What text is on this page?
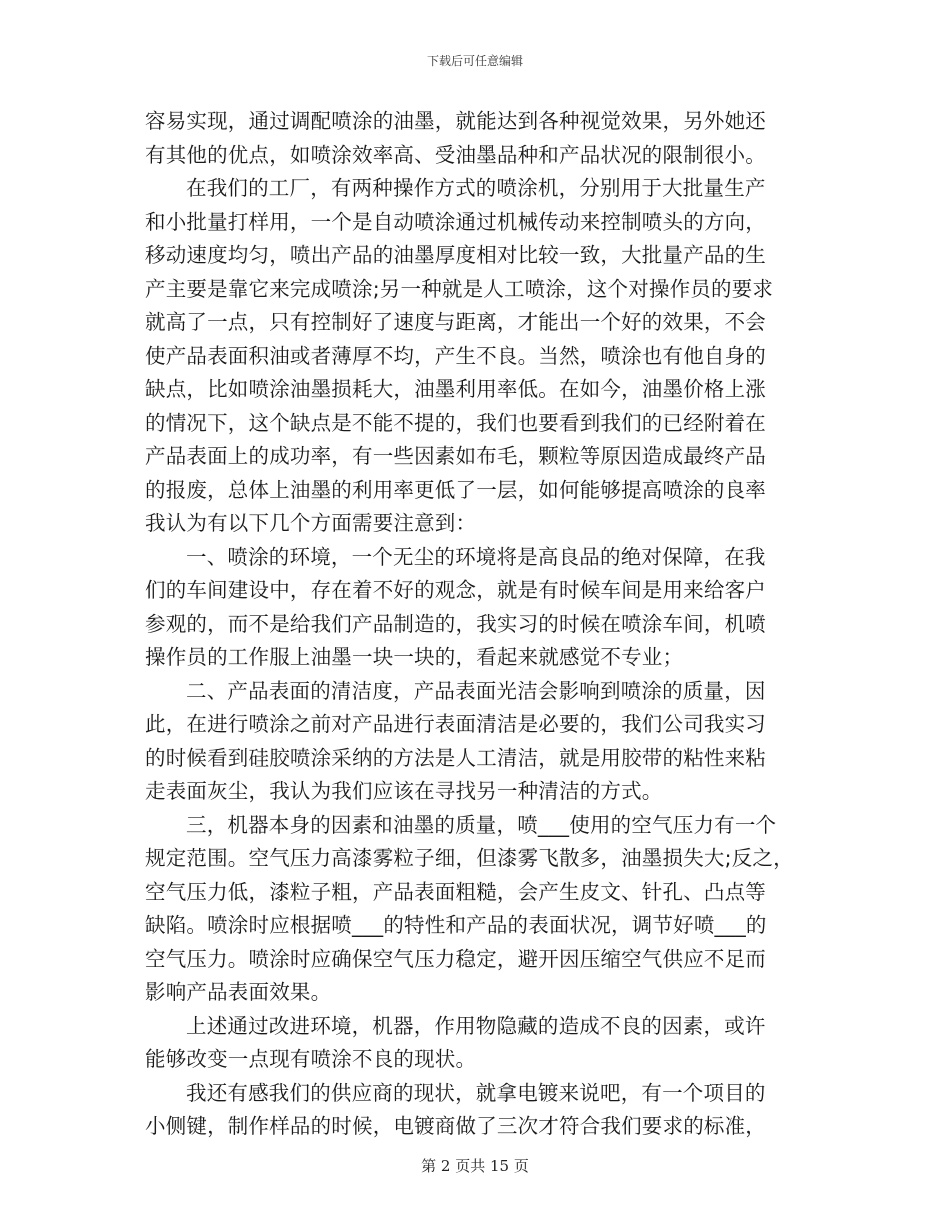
下载后可任意编辑
容易实现，通过调配喷涂的油墨，就能达到各种视觉效果，另外她还
有其他的优点，如喷涂效率高、受油墨品种和产品状况的限制很小。
在我们的工厂，有两种操作方式的喷涂机，分别用于大批量生产
和小批量打样用，一个是自动喷涂通过机械传动来控制喷头的方向，
移动速度均匀，喷出产品的油墨厚度相对比较一致，大批量产品的生
产主要是靠它来完成喷涂;另一种就是人工喷涂，这个对操作员的要求
就高了一点，只有控制好了速度与距离，才能出一个好的效果，不会
使产品表面积油或者薄厚不均，产生不良。当然，喷涂也有他自身的
缺点，比如喷涂油墨损耗大，油墨利用率低。在如今，油墨价格上涨
的情况下，这个缺点是不能不提的，我们也要看到我们的已经附着在
产品表面上的成功率，有一些因素如布毛，颗粒等原因造成最终产品
的报废，总体上油墨的利用率更低了一层，如何能够提高喷涂的良率
我认为有以下几个方面需要注意到：
一、喷涂的环境，一个无尘的环境将是高良品的绝对保障，在我
们的车间建设中，存在着不好的观念，就是有时候车间是用来给客户
参观的，而不是给我们产品制造的，我实习的时候在喷涂车间，机喷
操作员的工作服上油墨一块一块的，看起来就感觉不专业；
二、产品表面的清洁度，产品表面光洁会影响到喷涂的质量，因
此，在进行喷涂之前对产品进行表面清洁是必要的，我们公司我实习
的时候看到硅胶喷涂采纳的方法是人工清洁，就是用胶带的粘性来粘
走表面灰尘，我认为我们应该在寻找另一种清洁的方式。
三，机器本身的因素和油墨的质量，喷___使用的空气压力有一个
规定范围。空气压力高漆雾粒子细，但漆雾飞散多，油墨损失大;反之，
空气压力低，漆粒子粗，产品表面粗糙，会产生皮文、针孔、凸点等
缺陷。喷涂时应根据喷___的特性和产品的表面状况，调节好喷___的
空气压力。喷涂时应确保空气压力稳定，避开因压缩空气供应不足而
影响产品表面效果。
上述通过改进环境，机器，作用物隐藏的造成不良的因素，或许
能够改变一点现有喷涂不良的现状。
我还有感我们的供应商的现状，就拿电镀来说吧，有一个项目的
小侧键，制作样品的时候，电镀商做了三次才符合我们要求的标准，
第 2 页共 15 页
